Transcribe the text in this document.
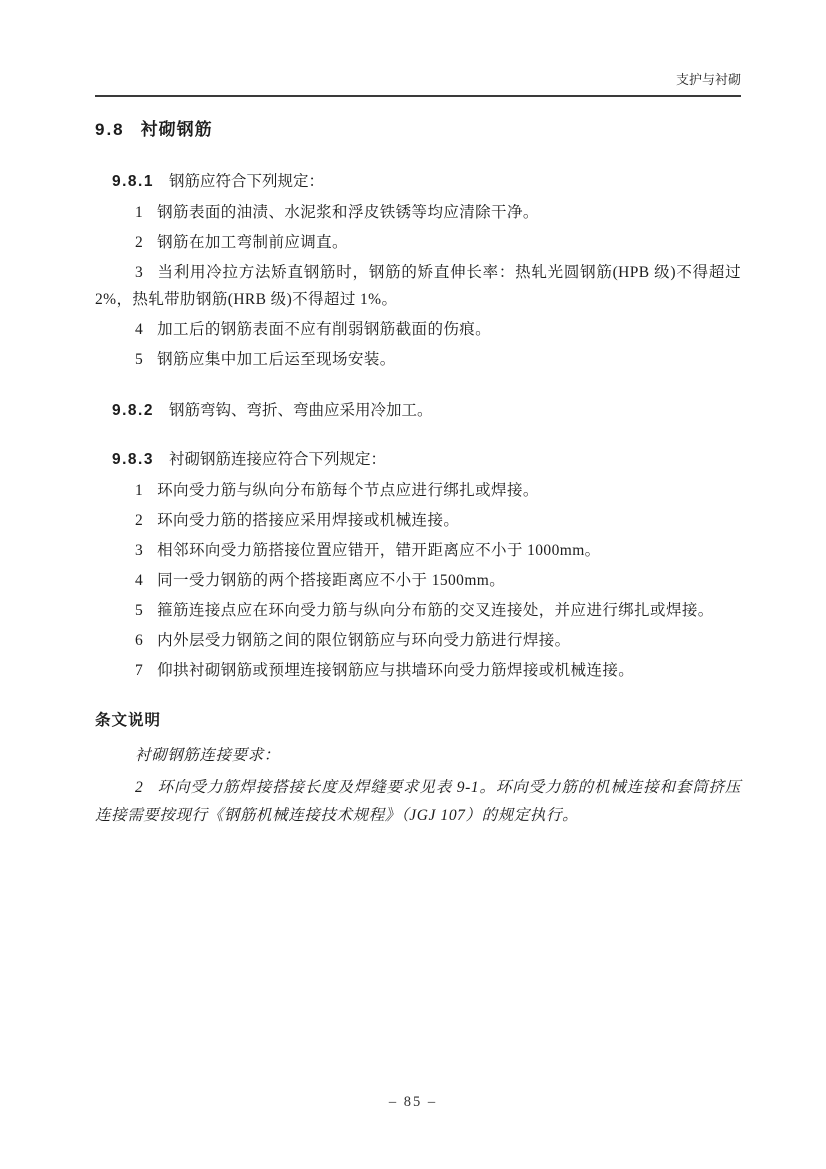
支护与衬砌
9.8 衬砌钢筋

9.8.1 钢筋应符合下列规定：

1 钢筋表面的油渍、水泥浆和浮皮铁锈等均应清除干净。

2 钢筋在加工弯制前应调直。

3 当利用冷拉方法矫直钢筋时，钢筋的矫直伸长率：热轧光圆钢筋(HPB 级)不得超过 2%，热轧带肋钢筋(HRB 级)不得超过 1%。

4 加工后的钢筋表面不应有削弱钢筋截面的伤痕。

5 钢筋应集中加工后运至现场安装。

9.8.2 钢筋弯钩、弯折、弯曲应采用冷加工。

9.8.3 衬砌钢筋连接应符合下列规定：

1 环向受力筋与纵向分布筋每个节点应进行绑扎或焊接。

2 环向受力筋的搭接应采用焊接或机械连接。

3 相邻环向受力筋搭接位置应错开，错开距离应不小于 1000mm。

4 同一受力钢筋的两个搭接距离应不小于 1500mm。

5 箍筋连接点应在环向受力筋与纵向分布筋的交叉连接处，并应进行绑扎或焊接。

6 内外层受力钢筋之间的限位钢筋应与环向受力筋进行焊接。

7 仰拱衬砌钢筋或预埋连接钢筋应与拱墙环向受力筋焊接或机械连接。

条文说明

衬砌钢筋连接要求：

2 环向受力筋焊接搭接长度及焊缝要求见表 9-1。环向受力筋的机械连接和套筒挤压连接需要按现行《钢筋机械连接技术规程》（JGJ 107）的规定执行。

– 85 –
